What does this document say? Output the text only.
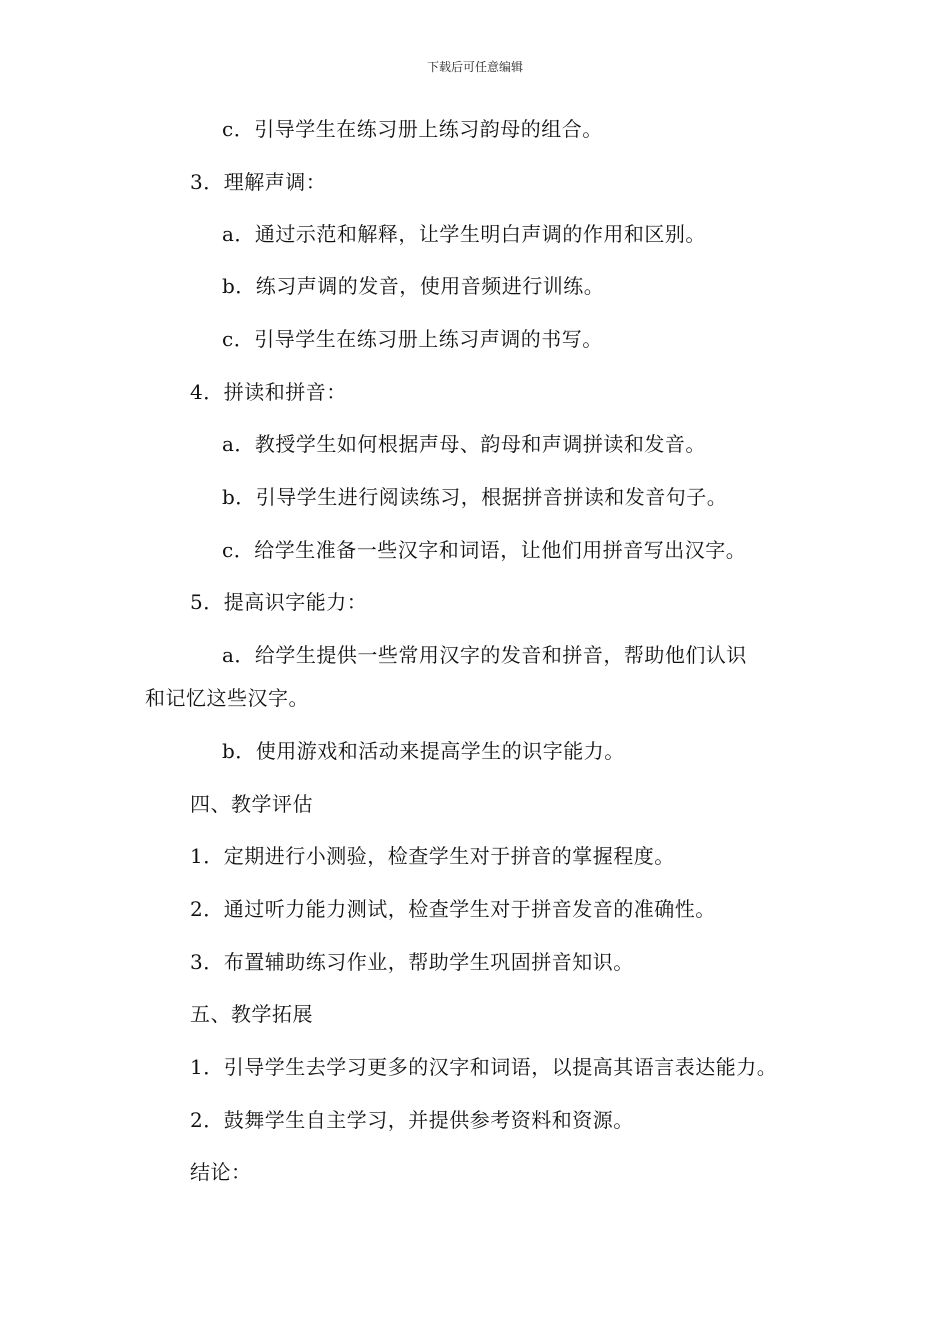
下载后可任意编辑
c．引导学生在练习册上练习韵母的组合。
3．理解声调：
a．通过示范和解释，让学生明白声调的作用和区别。
b．练习声调的发音，使用音频进行训练。
c．引导学生在练习册上练习声调的书写。
4．拼读和拼音：
a．教授学生如何根据声母、韵母和声调拼读和发音。
b．引导学生进行阅读练习，根据拼音拼读和发音句子。
c．给学生准备一些汉字和词语，让他们用拼音写出汉字。
5．提高识字能力：
a．给学生提供一些常用汉字的发音和拼音，帮助他们认识
和记忆这些汉字。
b．使用游戏和活动来提高学生的识字能力。
四、教学评估
1．定期进行小测验，检查学生对于拼音的掌握程度。
2．通过听力能力测试，检查学生对于拼音发音的准确性。
3．布置辅助练习作业，帮助学生巩固拼音知识。
五、教学拓展
1．引导学生去学习更多的汉字和词语，以提高其语言表达能力。
2．鼓舞学生自主学习，并提供参考资料和资源。
结论：
